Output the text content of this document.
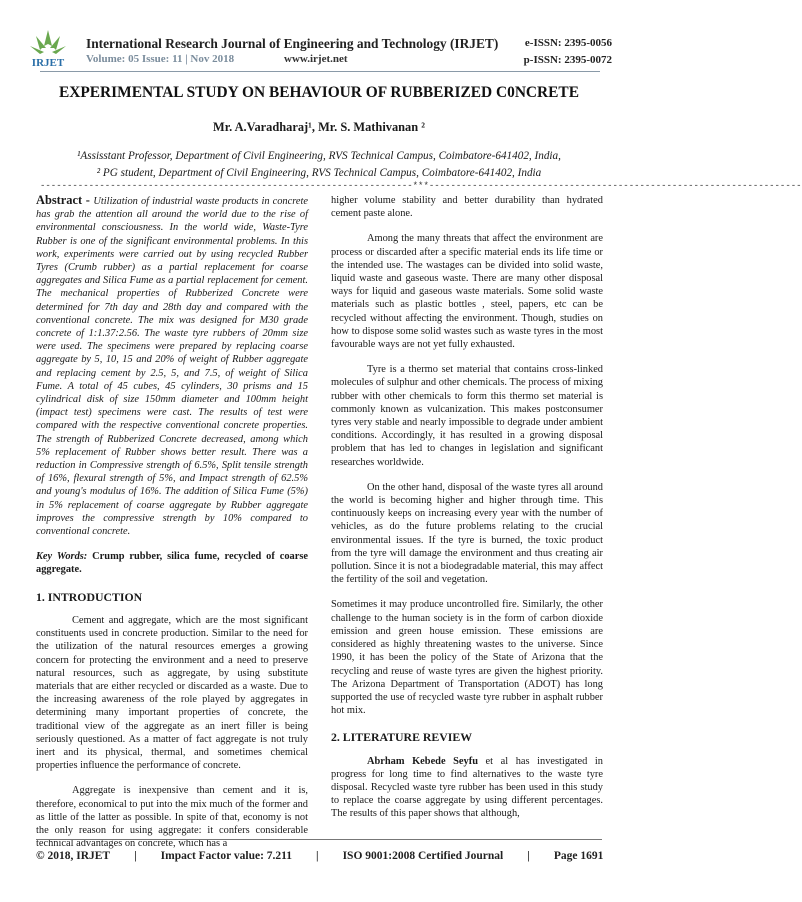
IRJET
International Research Journal of Engineering and Technology (IRJET)
Volume: 05 Issue: 11 | Nov 2018	www.irjet.net
e-ISSN: 2395-0056
p-ISSN: 2395-0072
EXPERIMENTAL STUDY ON BEHAVIOUR OF RUBBERIZED C0NCRETE
Mr. A.Varadharaj¹, Mr. S. Mathivanan ²
¹Assisstant Professor, Department of Civil Engineering, RVS Technical Campus, Coimbatore-641402, India,
² PG student, Department of Civil Engineering, RVS Technical Campus, Coimbatore-641402, India
---------------------------------------------------------------------***---------------------------------------------------------------------

Abstract - Utilization of industrial waste products in concrete has grab the attention all around the world due to the rise of environmental consciousness. In the world wide, Waste-Tyre Rubber is one of the significant environmental problems. In this work, experiments were carried out by using recycled Rubber Tyres (Crumb rubber) as a partial replacement for coarse aggregates and Silica Fume as a partial replacement for cement. The mechanical properties of Rubberized Concrete were determined for 7th day and 28th day and compared with the conventional concrete. The mix was designed for M30 grade concrete of 1:1.37:2.56. The waste tyre rubbers of 20mm size were used. The specimens were prepared by replacing coarse aggregate by 5, 10, 15 and 20% of weight of Rubber aggregate and replacing cement by 2.5, 5, and 7.5, of weight of Silica Fume. A total of 45 cubes, 45 cylinders, 30 prisms and 15 cylindrical disk of size 150mm diameter and 100mm height (impact test) specimens were cast. The results of test were compared with the respective conventional concrete properties. The strength of Rubberized Concrete decreased, among which 5% replacement of Rubber shows better result. There was a reduction in Compressive strength of 6.5%, Split tensile strength of 16%, flexural strength of 5%, and Impact strength of 62.5% and young's modulus of 16%. The addition of Silica Fume (5%) in 5% replacement of coarse aggregate by Rubber aggregate improves the compressive strength by 10% compared to conventional concrete.

Key Words: Crump rubber, silica fume, recycled of coarse aggregate.

1. INTRODUCTION

Cement and aggregate, which are the most significant constituents used in concrete production. Similar to the need for the utilization of the natural resources emerges a growing concern for protecting the environment and a need to preserve natural resources, such as aggregate, by using substitute materials that are either recycled or discarded as a waste. Due to the increasing awareness of the role played by aggregates in determining many important properties of concrete, the traditional view of the aggregate as an inert filler is being seriously questioned. As a matter of fact aggregate is not truly inert and its physical, thermal, and sometimes chemical properties influence the performance of concrete.

Aggregate is inexpensive than cement and it is, therefore, economical to put into the mix much of the former and as little of the latter as possible. In spite of that, economy is not the only reason for using aggregate: it confers considerable technical advantages on concrete, which has a

higher volume stability and better durability than hydrated cement paste alone.

Among the many threats that affect the environment are process or discarded after a specific material ends its life time or the intended use. The wastages can be divided into solid waste, liquid waste and gaseous waste. There are many other disposal ways for liquid and gaseous waste materials. Some solid waste materials such as plastic bottles , steel, papers, etc can be recycled without affecting the environment. Though, studies on how to dispose some solid wastes such as waste tyres in the most favourable ways are not yet fully exhausted.

Tyre is a thermo set material that contains cross-linked molecules of sulphur and other chemicals. The process of mixing rubber with other chemicals to form this thermo set material is commonly known as vulcanization. This makes postconsumer tyres very stable and nearly impossible to degrade under ambient conditions. Accordingly, it has resulted in a growing disposal problem that has led to changes in legislation and significant researches worldwide.

On the other hand, disposal of the waste tyres all around the world is becoming higher and higher through time. This continuously keeps on increasing every year with the number of vehicles, as do the future problems relating to the crucial environmental issues. If the tyre is burned, the toxic product from the tyre will damage the environment and thus creating air pollution. Since it is not a biodegradable material, this may affect the fertility of the soil and vegetation.

Sometimes it may produce uncontrolled fire. Similarly, the other challenge to the human society is in the form of carbon dioxide emission and green house emission. These emissions are considered as highly threatening wastes to the universe. Since 1990, it has been the policy of the State of Arizona that the recycling and reuse of waste tyres are given the highest priority. The Arizona Department of Transportation (ADOT) has long supported the use of recycled waste tyre rubber in asphalt rubber hot mix.

2. LITERATURE REVIEW

Abrham Kebede Seyfu et al has investigated in progress for long time to find alternatives to the waste tyre disposal. Recycled waste tyre rubber has been used in this study to replace the coarse aggregate by using different percentages. The results of this paper shows that although,

© 2018, IRJET | Impact Factor value: 7.211 | ISO 9001:2008 Certified Journal | Page 1691
